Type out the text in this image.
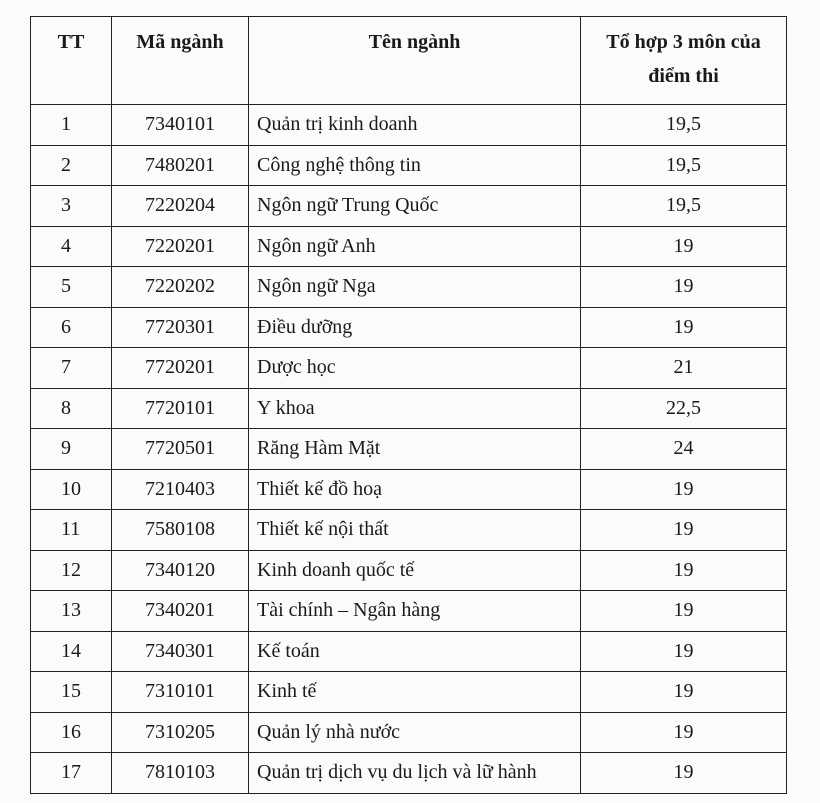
TT	Mã ngành	Tên ngành	Tổ hợp 3 môn của
điểm thi
1	7340101	Quản trị kinh doanh	19,5
2	7480201	Công nghệ thông tin	19,5
3	7220204	Ngôn ngữ Trung Quốc	19,5
4	7220201	Ngôn ngữ Anh	19
5	7220202	Ngôn ngữ Nga	19
6	7720301	Điều dưỡng	19
7	7720201	Dược học	21
8	7720101	Y khoa	22,5
9	7720501	Răng Hàm Mặt	24
10	7210403	Thiết kế đồ hoạ	19
11	7580108	Thiết kế nội thất	19
12	7340120	Kinh doanh quốc tế	19
13	7340201	Tài chính – Ngân hàng	19
14	7340301	Kế toán	19
15	7310101	Kinh tế	19
16	7310205	Quản lý nhà nước	19
17	7810103	Quản trị dịch vụ du lịch và lữ hành	19
